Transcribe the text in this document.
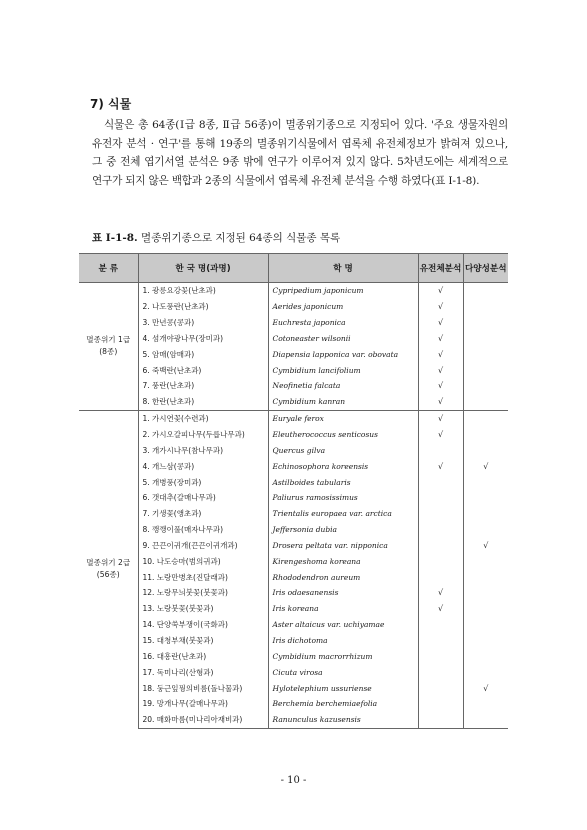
7) 식물

식물은 총 64종(Ⅰ급 8종, Ⅱ급 56종)이 멸종위기종으로 지정되어 있다. '주요 생물자원의 유전자 분석 · 연구'를 통해 19종의 멸종위기식물에서 엽록체 유전체정보가 밝혀져 있으나, 그 중 전체 엽기서열 분석은 9종 밖에 연구가 이루어져 있지 않다. 5차년도에는 세계적으로 연구가 되지 않은 백합과 2종의 식물에서 엽록체 유전체 분석을 수행 하였다(표 Ⅰ-1-8).

표 Ⅰ-1-8. 멸종위기종으로 지정된 64종의 식물종 목록
분 류	한 국 명(과명)	학 명	유전체분석	다양성분석

멸종위기 1급
(8종)	1. 광릉요강꽃(난초과)	Cypripedium japonicum	√	
	2. 나도풍란(난초과)	Aerides japonicum	√	
	3. 만년콩(콩과)	Euchresta japonica	√	
	4. 섬개야광나무(장미과)	Cotoneaster wilsonii	√	
	5. 암매(암매과)	Diapensia lapponica var. obovata	√	
	6. 죽백란(난초과)	Cymbidium lancifolium	√	
	7. 풍란(난초과)	Neofinetia falcata	√	
	8. 한란(난초과)	Cymbidium kanran	√	

멸종위기 2급
(56종)	1. 가시연꽃(수련과)	Euryale ferox	√	
	2. 가시오갈피나무(두릅나무과)	Eleutherococcus senticosus	√	
	3. 개가시나무(참나무과)	Quercus gilva		
	4. 개느삼(콩과)	Echinosophora koreensis	√	√
	5. 개병풍(장미과)	Astilboides tabularis		
	6. 갯대추(갈매나무과)	Paliurus ramosissimus		
	7. 기생꽃(앵초과)	Trientalis europaea var. arctica		
	8. 깽깽이풀(매자나무과)	Jeffersonia dubia		
	9. 끈끈이귀개(끈끈이귀개과)	Drosera peltata var. nipponica		√
	10. 나도승마(범의귀과)	Kirengeshoma koreana		
	11. 노랑만병초(진달래과)	Rhododendron aureum		
	12. 노랑무늬붓꽃(붓꽃과)	Iris odaesanensis	√	
	13. 노랑붓꽃(붓꽃과)	Iris koreana	√	
	14. 단양쑥부쟁이(국화과)	Aster altaicus var. uchiyamae		
	15. 대청부채(붓꽃과)	Iris dichotoma		
	16. 대흥란(난초과)	Cymbidium macrorrhizum		
	17. 독미나리(산형과)	Cicuta virosa		
	18. 둥근잎꿩의비름(돌나물과)	Hylotelephium ussuriense		√
	19. 망개나무(갈매나무과)	Berchemia berchemiaefolia		
	20. 매화마름(미나리아재비과)	Ranunculus kazusensis		
- 10 -
